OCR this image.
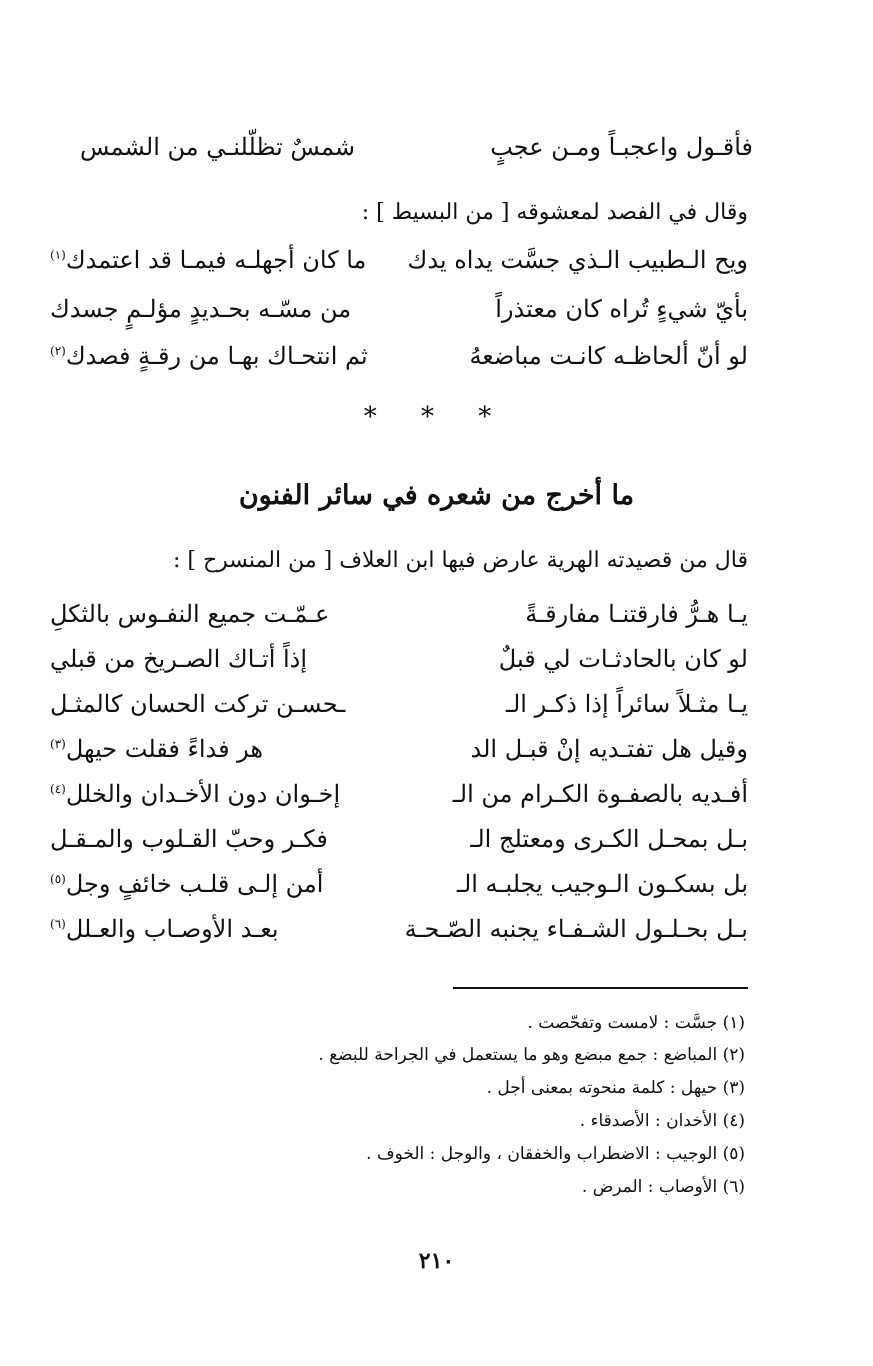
فأقـول واعجبـاً ومـن عجبٍ
شمسٌ تظلّلنـي من الشمس
وقال في الفصد لمعشوقه [ من البسيط ] :
ويح الـطبيب الـذي جسَّت يداه يدك
ما كان أجهلـه فيمـا قد اعتمدك$^{(١)}$
بأيّ شيءٍ تُراه كان معتذراً
من مسّـه بحـديدٍ مؤلـمٍ جسدك
لو أنّ ألحاظـه كانـت مباضعهُ
ثم انتحـاك بهـا من رقـةٍ فصدك$^{(٢)}$
* * *
ما أخرج من شعره في سائر الفنون
قال من قصيدته الهرية عارض فيها ابن العلاف [ من المنسرح ] :
يـا هـرُّ فارقتنـا مفارقـةً
عـمّـت جميع النفـوس بالثكلِ
لو كان بالحادثـات لي قبلٌ
إذاً أتـاك الصـريخ من قبلي
يـا مثـلاً سائراً إذا ذكـر الـ
ـحسـن تركت الحسان كالمثـل
وقيل هل تفتـديه إنْ قبـل الد
هر فداءً فقلت حيهل$^{(٣)}$
أفـديه بالصفـوة الكـرام من الـ
إخـوان دون الأخـدان والخلل$^{(٤)}$
بـل بمحـل الكـرى ومعتلج الـ
فكـر وحبّ القـلوب والمـقـل
بل بسكـون الـوجيب يجلبـه الـ
أمن إلـى قلـب خائفٍ وجل$^{(٥)}$
بـل بحـلـول الشـفـاء يجنبه الصّـحـة
بعـد الأوصـاب والعـلل$^{(٦)}$
(١) جسَّت : لامست وتفحّصت .
(٢) المباضع : جمع مبضع وهو ما يستعمل في الجراحة للبضع .
(٣) حيهل : كلمة منحوته بمعنى أجل .
(٤) الأخدان : الأصدقاء .
(٥) الوجيب : الاضطراب والخفقان ، والوجل : الخوف .
(٦) الأوصاب : المرض .
٢١٠
